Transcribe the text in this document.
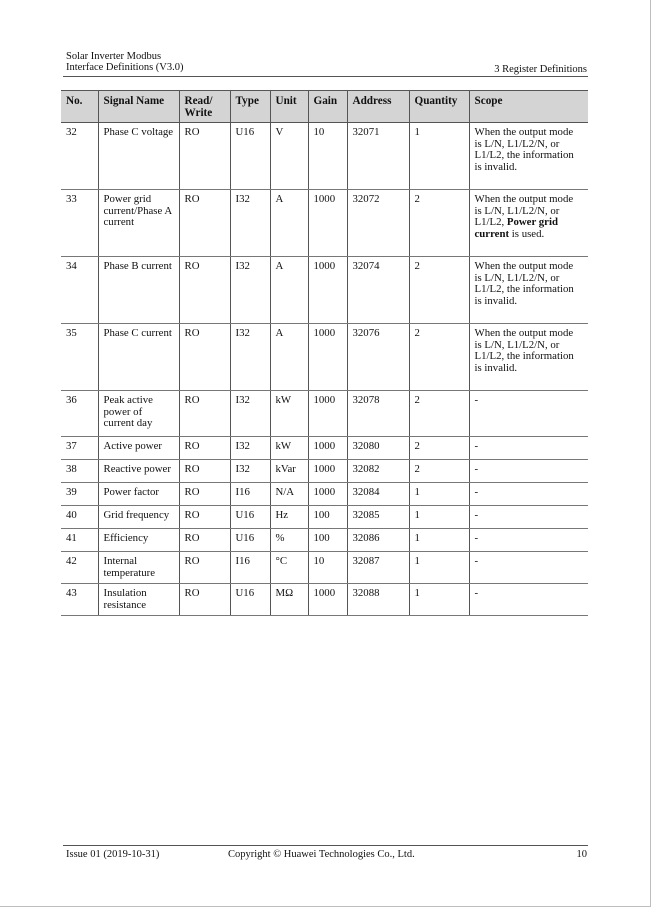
Solar Inverter Modbus
Interface Definitions (V3.0)	3 Register Definitions
No.	Signal Name	Read/ Write	Type	Unit	Gain	Address	Quantity	Scope
32	Phase C voltage	RO	U16	V	10	32071	1	When the output mode is L/N, L1/L2/N, or L1/L2, the information is invalid.
33	Power grid current/Phase A current	RO	I32	A	1000	32072	2	When the output mode is L/N, L1/L2/N, or L1/L2, Power grid current is used.
34	Phase B current	RO	I32	A	1000	32074	2	When the output mode is L/N, L1/L2/N, or L1/L2, the information is invalid.
35	Phase C current	RO	I32	A	1000	32076	2	When the output mode is L/N, L1/L2/N, or L1/L2, the information is invalid.
36	Peak active power of current day	RO	I32	kW	1000	32078	2	-
37	Active power	RO	I32	kW	1000	32080	2	-
38	Reactive power	RO	I32	kVar	1000	32082	2	-
39	Power factor	RO	I16	N/A	1000	32084	1	-
40	Grid frequency	RO	U16	Hz	100	32085	1	-
41	Efficiency	RO	U16	%	100	32086	1	-
42	Internal temperature	RO	I16	°C	10	32087	1	-
43	Insulation resistance	RO	U16	MΩ	1000	32088	1	-
Issue 01 (2019-10-31)	Copyright © Huawei Technologies Co., Ltd.	10
